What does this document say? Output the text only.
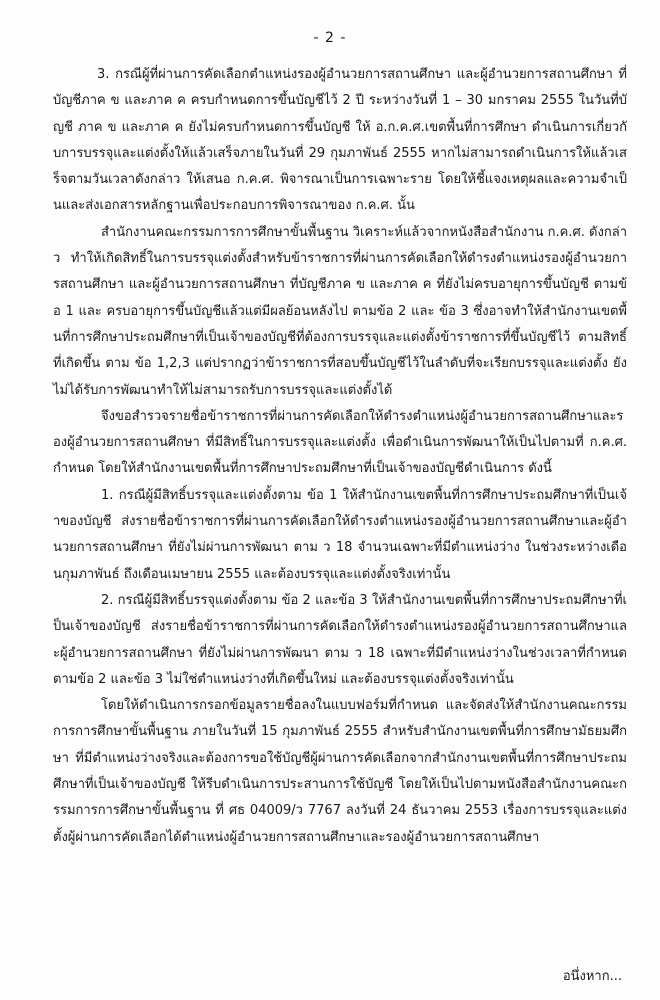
- 2 -

3. กรณีผู้ที่ผ่านการคัดเลือกตำแหน่งรองผู้อำนวยการสถานศึกษา และผู้อำนวยการสถานศึกษา ที่บัญชีภาค ข และภาค ค ครบกำหนดการขึ้นบัญชีไว้ 2 ปี ระหว่างวันที่ 1 – 30 มกราคม 2555 ในวันที่บัญชี ภาค ข และภาค ค ยังไม่ครบกำหนดการขึ้นบัญชี ให้ อ.ก.ค.ศ.เขตพื้นที่การศึกษา ดำเนินการเกี่ยวกับการบรรจุและแต่งตั้งให้แล้วเสร็จภายในวันที่ 29 กุมภาพันธ์ 2555 หากไม่สามารถดำเนินการให้แล้วเสร็จตามวันเวลาดังกล่าว ให้เสนอ ก.ค.ศ. พิจารณาเป็นการเฉพาะราย โดยให้ชี้แจงเหตุผลและความจำเป็นและส่งเอกสารหลักฐานเพื่อประกอบการพิจารณาของ ก.ค.ศ. นั้น

สำนักงานคณะกรรมการการศึกษาขั้นพื้นฐาน วิเคราะห์แล้วจากหนังสือสำนักงาน ก.ค.ศ. ดังกล่าว ทำให้เกิดสิทธิ์ในการบรรจุแต่งตั้งสำหรับข้าราชการที่ผ่านการคัดเลือกให้ดำรงตำแหน่งรองผู้อำนวยการสถานศึกษา และผู้อำนวยการสถานศึกษา ที่บัญชีภาค ข และภาค ค ที่ยังไม่ครบอายุการขึ้นบัญชี ตามข้อ 1 และ ครบอายุการขึ้นบัญชีแล้วแต่มีผลย้อนหลังไป ตามข้อ 2 และ ข้อ 3 ซึ่งอาจทำให้สำนักงานเขตพื้นที่การศึกษาประถมศึกษาที่เป็นเจ้าของบัญชีที่ต้องการบรรจุและแต่งตั้งข้าราชการที่ขึ้นบัญชีไว้ ตามสิทธิ์ที่เกิดขึ้น ตาม ข้อ 1,2,3 แต่ปรากฏว่าข้าราชการที่สอบขึ้นบัญชีไว้ในลำดับที่จะเรียกบรรจุและแต่งตั้ง ยังไม่ได้รับการพัฒนาทำให้ไม่สามารถรับการบรรจุและแต่งตั้งได้

จึงขอสำรวจรายชื่อข้าราชการที่ผ่านการคัดเลือกให้ดำรงตำแหน่งผู้อำนวยการสถานศึกษาและรองผู้อำนวยการสถานศึกษา ที่มีสิทธิ์ในการบรรจุและแต่งตั้ง เพื่อดำเนินการพัฒนาให้เป็นไปตามที่ ก.ค.ศ. กำหนด โดยให้สำนักงานเขตพื้นที่การศึกษาประถมศึกษาที่เป็นเจ้าของบัญชีดำเนินการ ดังนี้

1. กรณีผู้มีสิทธิ์บรรจุและแต่งตั้งตาม ข้อ 1 ให้สำนักงานเขตพื้นที่การศึกษาประถมศึกษาที่เป็นเจ้าของบัญชี ส่งรายชื่อข้าราชการที่ผ่านการคัดเลือกให้ดำรงตำแหน่งรองผู้อำนวยการสถานศึกษาและผู้อำนวยการสถานศึกษา ที่ยังไม่ผ่านการพัฒนา ตาม ว 18 จำนวนเฉพาะที่มีตำแหน่งว่าง ในช่วงระหว่างเดือนกุมภาพันธ์ ถึงเดือนเมษายน 2555 และต้องบรรจุและแต่งตั้งจริงเท่านั้น

2. กรณีผู้มีสิทธิ์บรรจุแต่งตั้งตาม ข้อ 2 และข้อ 3 ให้สำนักงานเขตพื้นที่การศึกษาประถมศึกษาที่เป็นเจ้าของบัญชี ส่งรายชื่อข้าราชการที่ผ่านการคัดเลือกให้ดำรงตำแหน่งรองผู้อำนวยการสถานศึกษาและผู้อำนวยการสถานศึกษา ที่ยังไม่ผ่านการพัฒนา ตาม ว 18 เฉพาะที่มีตำแหน่งว่างในช่วงเวลาที่กำหนด ตามข้อ 2 และข้อ 3 ไม่ใช่ตำแหน่งว่างที่เกิดขึ้นใหม่ และต้องบรรจุแต่งตั้งจริงเท่านั้น

โดยให้ดำเนินการกรอกข้อมูลรายชื่อลงในแบบฟอร์มที่กำหนด และจัดส่งให้สำนักงานคณะกรรมการการศึกษาขั้นพื้นฐาน ภายในวันที่ 15 กุมภาพันธ์ 2555 สำหรับสำนักงานเขตพื้นที่การศึกษามัธยมศึกษา ที่มีตำแหน่งว่างจริงและต้องการขอใช้บัญชีผู้ผ่านการคัดเลือกจากสำนักงานเขตพื้นที่การศึกษาประถมศึกษาที่เป็นเจ้าของบัญชี ให้รีบดำเนินการประสานการใช้บัญชี โดยให้เป็นไปตามหนังสือสำนักงานคณะกรรมการการศึกษาขั้นพื้นฐาน ที่ ศธ 04009/ว 7767 ลงวันที่ 24 ธันวาคม 2553 เรื่องการบรรจุและแต่งตั้งผู้ผ่านการคัดเลือกได้ตำแหน่งผู้อำนวยการสถานศึกษาและรองผู้อำนวยการสถานศึกษา

อนึ่งหาก...
